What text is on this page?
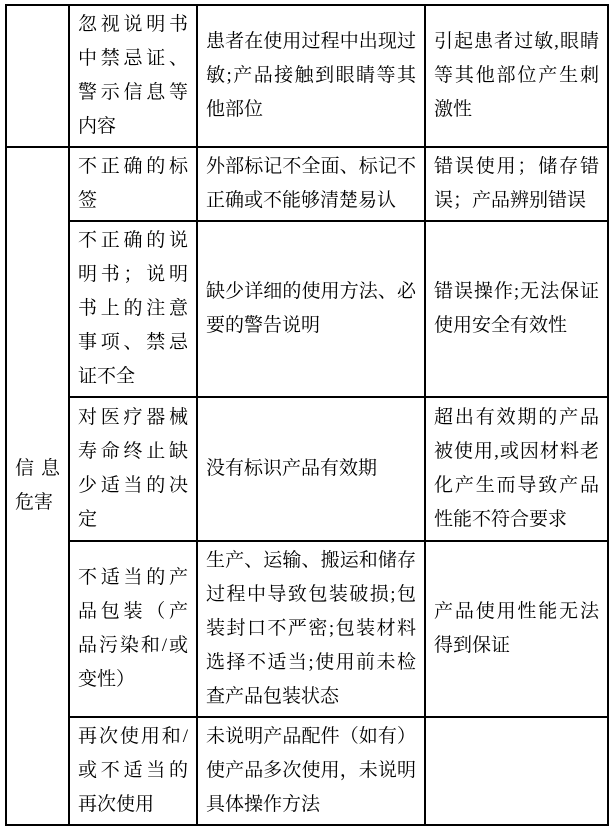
	忽视说明书中禁忌证、警示信息等内容	患者在使用过程中出现过敏;产品接触到眼睛等其他部位	引起患者过敏,眼睛等其他部位产生刺激性
信息危害	不正确的标签	外部标记不全面、标记不正确或不能够清楚易认	错误使用；储存错误；产品辨别错误
	不正确的说明书；说明书上的注意事项、禁忌证不全	缺少详细的使用方法、必要的警告说明	错误操作;无法保证使用安全有效性
	对医疗器械寿命终止缺少适当的决定	没有标识产品有效期	超出有效期的产品被使用,或因材料老化产生而导致产品性能不符合要求
	不适当的产品包装（产品污染和/或变性）	生产、运输、搬运和储存过程中导致包装破损;包装封口不严密;包装材料选择不适当;使用前未检查产品包装状态	产品使用性能无法得到保证
	再次使用和/或不适当的再次使用	未说明产品配件（如有）使产品多次使用，未说明具体操作方法	
